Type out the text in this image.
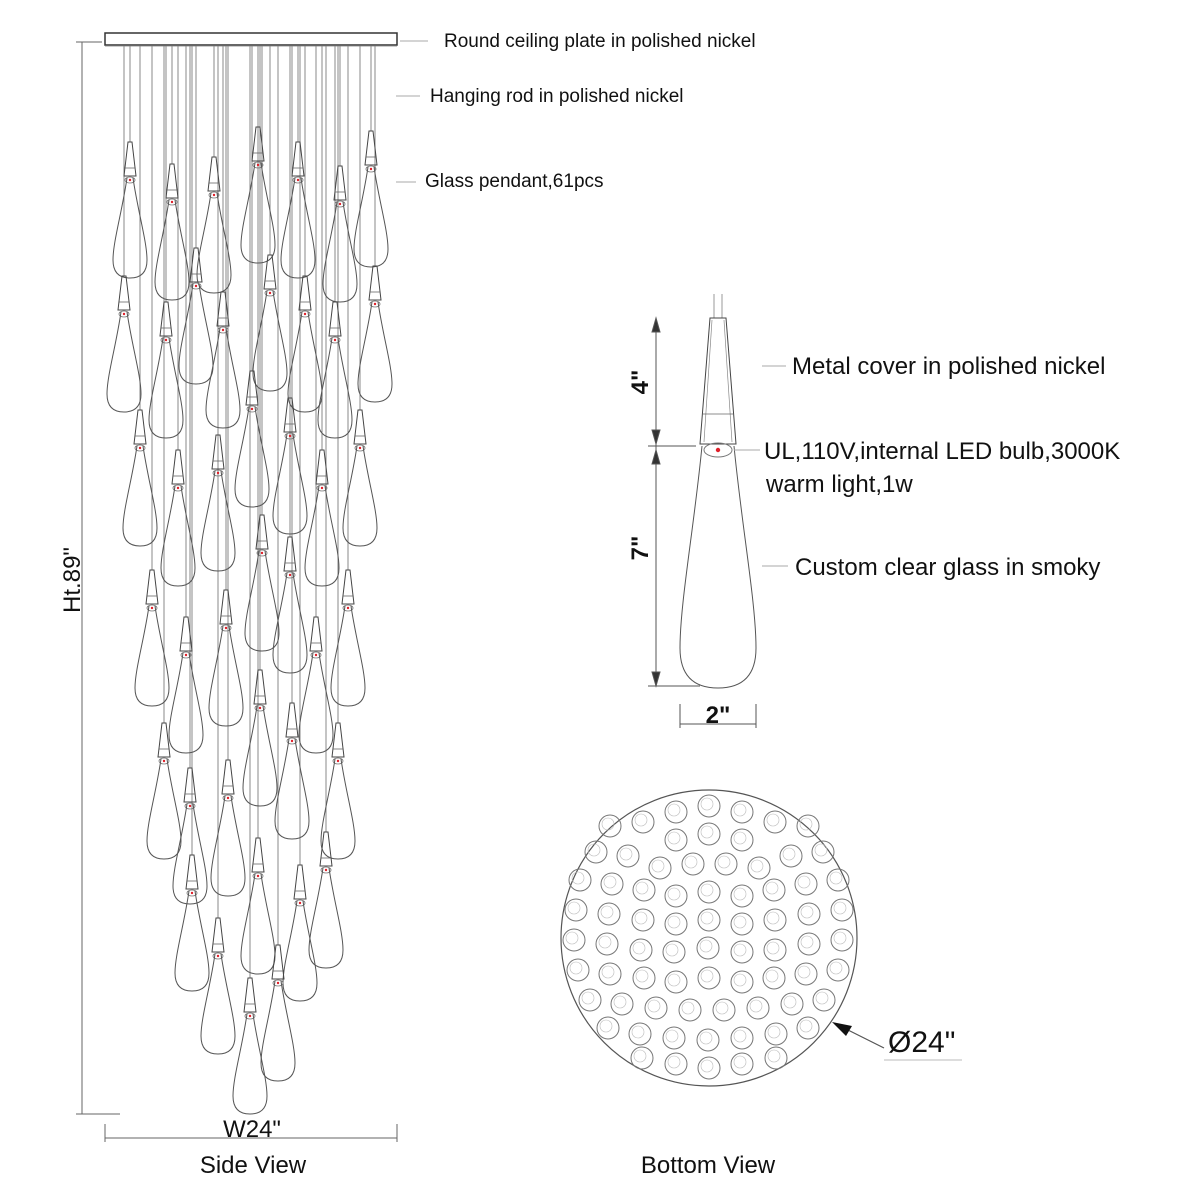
Ht.89"
W24"
Side View
Round ceiling plate in polished nickel
Hanging rod in polished nickel
Glass pendant,61pcs
4"
7"
2"
Metal cover in polished nickel
UL,110V,internal LED bulb,3000K
warm light,1w
Custom clear glass in smoky
Ø24"
Bottom View
